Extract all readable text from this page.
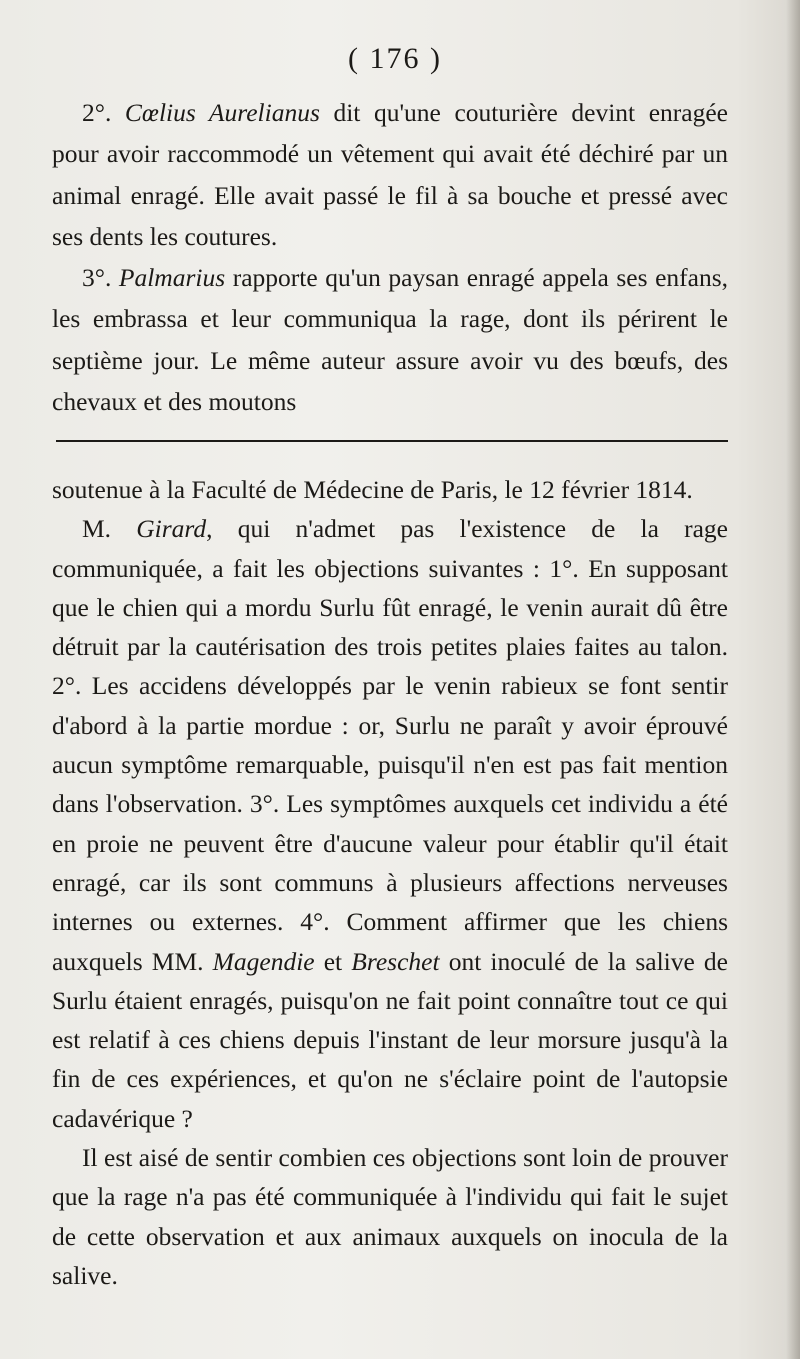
( 176 )

2°. Cœlius Aurelianus dit qu'une couturière devint enragée pour avoir raccommodé un vêtement qui avait été déchiré par un animal enragé. Elle avait passé le fil à sa bouche et pressé avec ses dents les coutures.

3°. Palmarius rapporte qu'un paysan enragé appela ses enfans, les embrassa et leur communiqua la rage, dont ils périrent le septième jour. Le même auteur assure avoir vu des bœufs, des chevaux et des moutons

soutenue à la Faculté de Médecine de Paris, le 12 février 1814.

M. Girard, qui n'admet pas l'existence de la rage communiquée, a fait les objections suivantes : 1°. En supposant que le chien qui a mordu Surlu fût enragé, le venin aurait dû être détruit par la cautérisation des trois petites plaies faites au talon. 2°. Les accidens développés par le venin rabieux se font sentir d'abord à la partie mordue : or, Surlu ne paraît y avoir éprouvé aucun symptôme remarquable, puisqu'il n'en est pas fait mention dans l'observation. 3°. Les symptômes auxquels cet individu a été en proie ne peuvent être d'aucune valeur pour établir qu'il était enragé, car ils sont communs à plusieurs affections nerveuses internes ou externes. 4°. Comment affirmer que les chiens auxquels MM. Magendie et Breschet ont inoculé de la salive de Surlu étaient enragés, puisqu'on ne fait point connaître tout ce qui est relatif à ces chiens depuis l'instant de leur morsure jusqu'à la fin de ces expériences, et qu'on ne s'éclaire point de l'autopsie cadavérique ?

Il est aisé de sentir combien ces objections sont loin de prouver que la rage n'a pas été communiquée à l'individu qui fait le sujet de cette observation et aux animaux auxquels on inocula de la salive.
